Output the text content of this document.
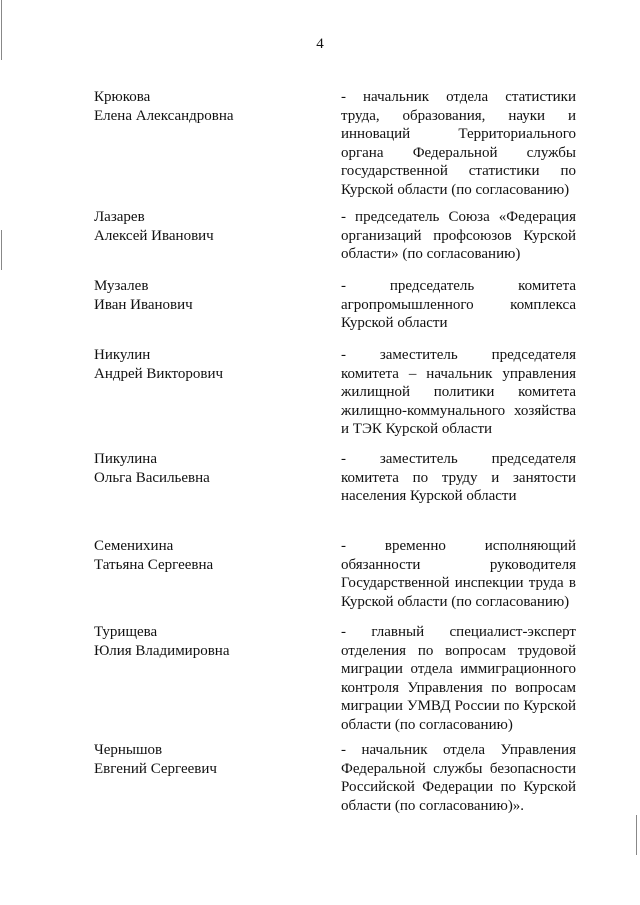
4
Крюкова
Елена Александровна
- начальник отдела статистики труда, образования, науки и инноваций Территориального органа Федеральной службы государственной статистики по Курской области (по согласованию)
Лазарев
Алексей Иванович
- председатель Союза «Федерация организаций профсоюзов Курской области» (по согласованию)
Музалев
Иван Иванович
- председатель комитета агропромышленного комплекса Курской области
Никулин
Андрей Викторович
- заместитель председателя комитета – начальник управления жилищной политики комитета жилищно-коммунального хозяйства и ТЭК Курской области
Пикулина
Ольга Васильевна
- заместитель председателя комитета по труду и занятости населения Курской области
Семенихина
Татьяна Сергеевна
- временно исполняющий обязанности руководителя Государственной инспекции труда в Курской области (по согласованию)
Турищева
Юлия Владимировна
- главный специалист-эксперт отделения по вопросам трудовой миграции отдела иммиграционного контроля Управления по вопросам миграции УМВД России по Курской области (по согласованию)
Чернышов
Евгений Сергеевич
- начальник отдела Управления Федеральной службы безопасности Российской Федерации по Курской области (по согласованию)».
